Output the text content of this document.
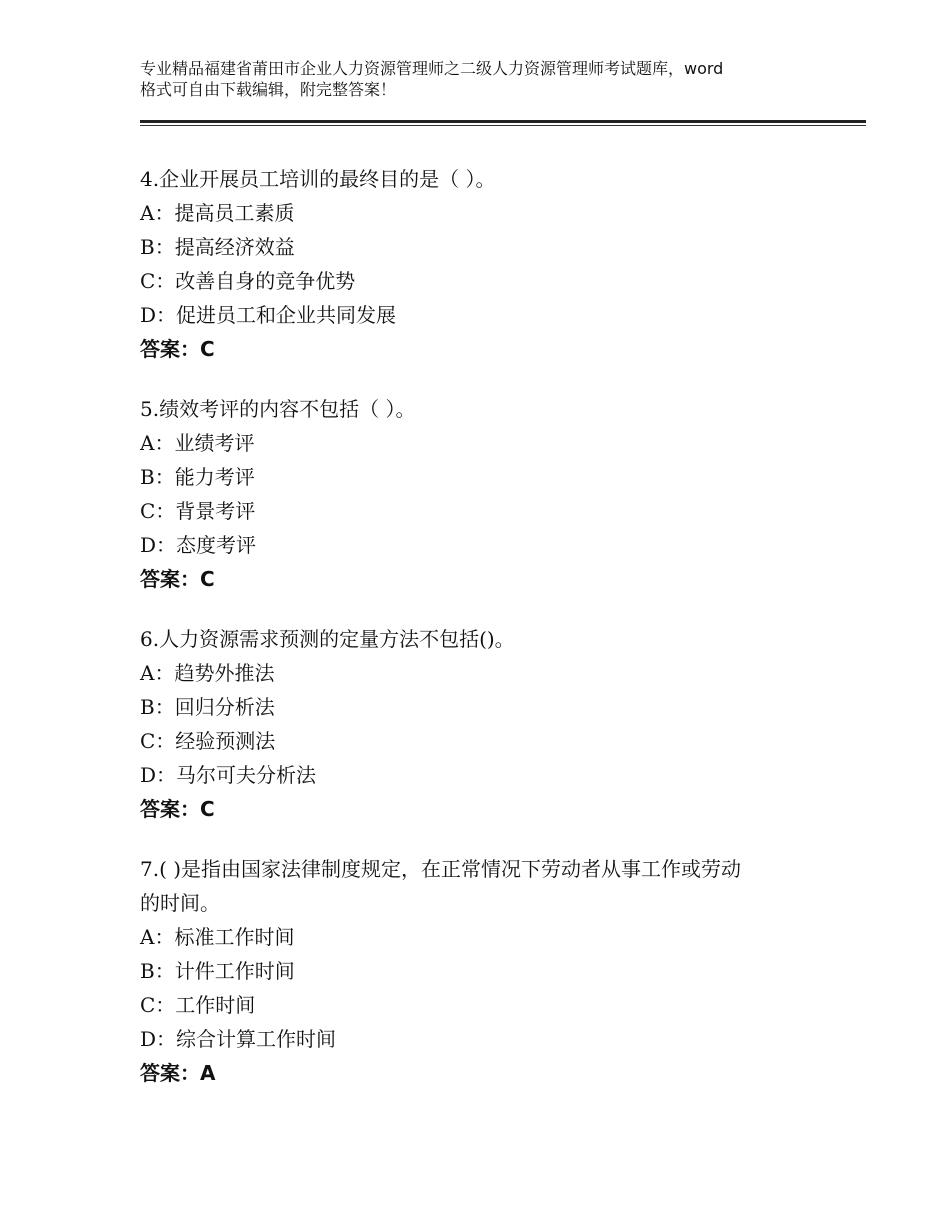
专业精品福建省莆田市企业人力资源管理师之二级人力资源管理师考试题库，word
格式可自由下载编辑，附完整答案！
4.企业开展员工培训的最终目的是（ ）。
A：提高员工素质
B：提高经济效益
C：改善自身的竞争优势
D：促进员工和企业共同发展
答案：C
5.绩效考评的内容不包括（ ）。
A：业绩考评
B：能力考评
C：背景考评
D：态度考评
答案：C
6.人力资源需求预测的定量方法不包括()。
A：趋势外推法
B：回归分析法
C：经验预测法
D：马尔可夫分析法
答案：C
7.( )是指由国家法律制度规定，在正常情况下劳动者从事工作或劳动
的时间。
A：标准工作时间
B：计件工作时间
C：工作时间
D：综合计算工作时间
答案：A
